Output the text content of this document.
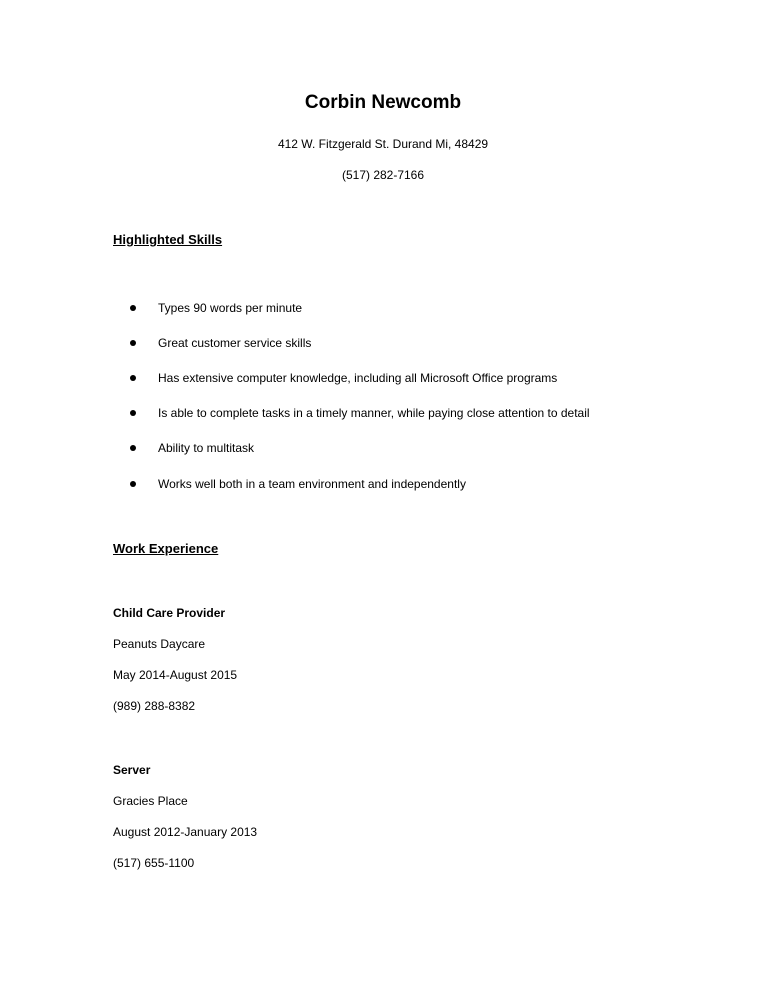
Corbin Newcomb
412 W. Fitzgerald St. Durand Mi, 48429
(517) 282-7166
Highlighted Skills
Types 90 words per minute
Great customer service skills
Has extensive computer knowledge, including all Microsoft Office programs
Is able to complete tasks in a timely manner, while paying close attention to detail
Ability to multitask
Works well both in a team environment and independently
Work Experience
Child Care Provider
Peanuts Daycare
May 2014-August 2015
(989) 288-8382
Server
Gracies Place
August 2012-January 2013
(517) 655-1100
